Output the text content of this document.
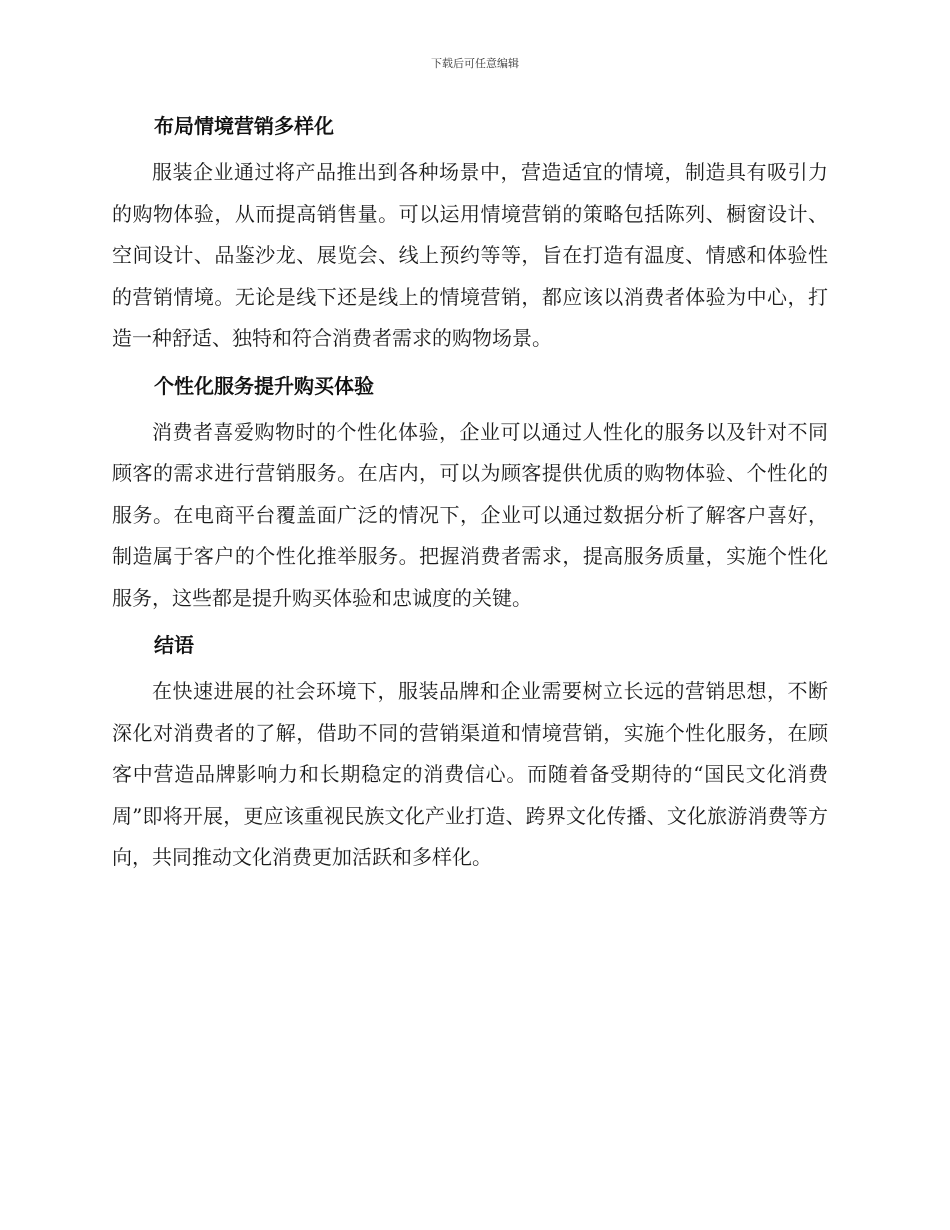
下载后可任意编辑
布局情境营销多样化

服装企业通过将产品推出到各种场景中，营造适宜的情境，制造具有吸引力的购物体验，从而提高销售量。可以运用情境营销的策略包括陈列、橱窗设计、空间设计、品鉴沙龙、展览会、线上预约等等，旨在打造有温度、情感和体验性的营销情境。无论是线下还是线上的情境营销，都应该以消费者体验为中心，打造一种舒适、独特和符合消费者需求的购物场景。

个性化服务提升购买体验

消费者喜爱购物时的个性化体验，企业可以通过人性化的服务以及针对不同顾客的需求进行营销服务。在店内，可以为顾客提供优质的购物体验、个性化的服务。在电商平台覆盖面广泛的情况下，企业可以通过数据分析了解客户喜好，制造属于客户的个性化推举服务。把握消费者需求，提高服务质量，实施个性化服务，这些都是提升购买体验和忠诚度的关键。

结语

在快速进展的社会环境下，服装品牌和企业需要树立长远的营销思想，不断深化对消费者的了解，借助不同的营销渠道和情境营销，实施个性化服务，在顾客中营造品牌影响力和长期稳定的消费信心。而随着备受期待的“国民文化消费周”即将开展，更应该重视民族文化产业打造、跨界文化传播、文化旅游消费等方向，共同推动文化消费更加活跃和多样化。
